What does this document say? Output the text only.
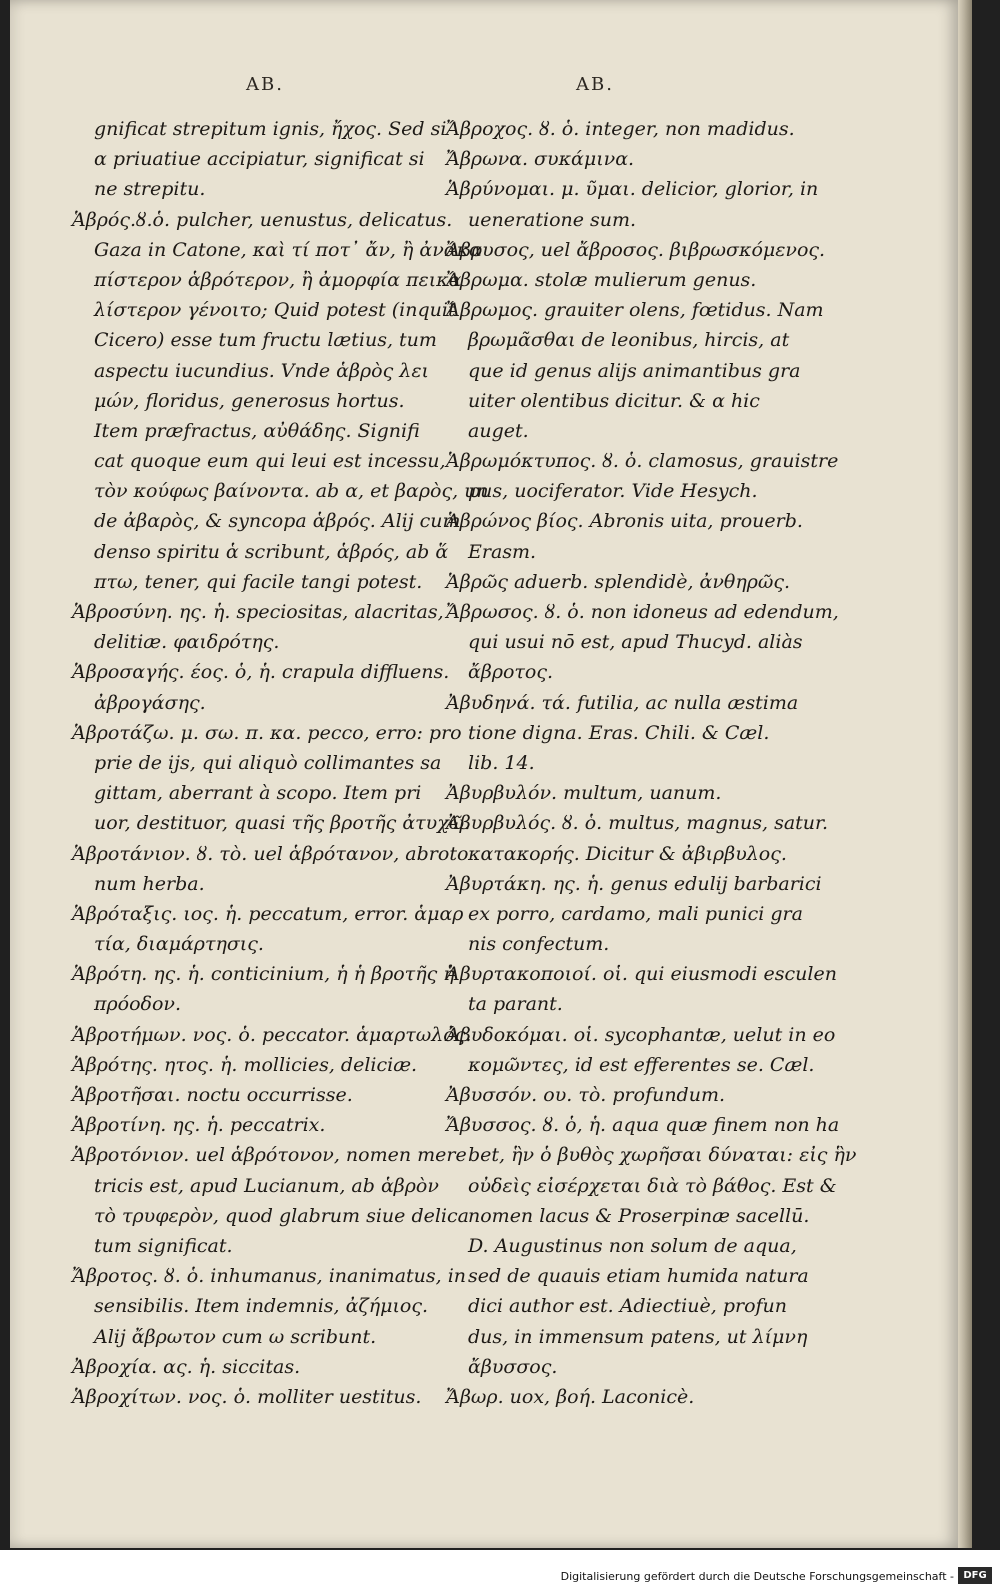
AB.	AB.
gnificat strepitum ignis, ἤχος. Sed si
α priuatiue accipiatur, significat si
ne strepitu.
Ἁβρός.ȣ.ὁ. pulcher, uenustus, delicatus.
Gaza in Catone, καὶ τί ποτ᾽ ἄν, ἢ ἀνακα
πίστερον ἁβρότερον, ἢ ἀμορφία πεικα
λίστερον γένοιτο; Quid potest (inquit
Cicero) esse tum fructu lætius, tum
aspectu iucundius. Vnde ἁβρὸς λει
μών, floridus, generosus hortus.
Item præfractus, αὐθάδης. Signifi
cat quoque eum qui leui est incessu,
τὸν κούφως βαίνοντα. ab α, et βαρὸς, un
de ἀβαρὸς, & syncopa ἁβρός. Alij cum
denso spiritu ἁ scribunt, ἁβρός, ab ἅ
πτω, tener, qui facile tangi potest.
Ἁβροσύνη. ης. ἡ. speciositas, alacritas,
delitiæ. φαιδρότης.
Ἁβροσαγής. έος. ὁ, ἡ. crapula diffluens.
ἀβρογάσης.
Ἁβροτάζω. μ. σω. π. κα. pecco, erro: pro
prie de ijs, qui aliquò collimantes sa
gittam, aberrant à scopo. Item pri
uor, destituor, quasi τῆς βροτῆς ἀτυχῶ.
Ἁβροτάνιον. ȣ. τὸ. uel ἁβρότανον, abroto
num herba.
Ἁβρόταξις. ιος. ἡ. peccatum, error. ἁμαρ
τία, διαμάρτησις.
Ἁβρότη. ης. ἡ. conticinium, ἡ ἡ βροτῆς ἡ
πρόοδον.
Ἁβροτήμων. νος. ὁ. peccator. ἁμαρτωλός.
Ἁβρότης. ητος. ἡ. mollicies, deliciæ.
Ἁβροτῆσαι. noctu occurrisse.
Ἁβροτίνη. ης. ἡ. peccatrix.
Ἁβροτόνιον. uel ἁβρότονον, nomen mere
tricis est, apud Lucianum, ab ἁβρὸν
τὸ τρυφερὸν, quod glabrum siue delica
tum significat.
Ἄβροτος. ȣ. ὁ. inhumanus, inanimatus, in
sensibilis. Item indemnis, ἀζήμιος.
Alij ἄβρωτον cum ω scribunt.
Ἀβροχία. ας. ἡ. siccitas.
Ἁβροχίτων. νος. ὁ. molliter uestitus.
Ἄβροχος. ȣ. ὁ. integer, non madidus.
Ἄβρωνα. συκάμινα.
Ἁβρύνομαι. μ. ῦμαι. delicior, glorior, in
ueneratione sum.
Ἄβρυσος, uel ἄβροσος. βιβρωσκόμενος.
Ἄβρωμα. stolæ mulierum genus.
Ἄβρωμος. grauiter olens, fœtidus. Nam
βρωμᾶσθαι de leonibus, hircis, at
que id genus alijs animantibus gra
uiter olentibus dicitur. & α hic
auget.
Ἁβρωμόκτυπος. ȣ. ὁ. clamosus, grauistre
pus, uociferator. Vide Hesych.
Ἁβρώνος βίος. Abronis uita, prouerb.
Erasm.
Ἁβρῶς aduerb. splendidè, ἀνθηρῶς.
Ἄβρωσος. ȣ. ὁ. non idoneus ad edendum,
qui usui nō est, apud Thucyd. aliàs
ἄβροτος.
Ἀβυδηνά. τά. futilia, ac nulla æstima
tione digna. Eras. Chili. & Cæl.
lib. 14.
Ἀβυρβυλόν. multum, uanum.
Ἀβυρβυλός. ȣ. ὁ. multus, magnus, satur.
κατακορής. Dicitur & ἀβιρβυλος.
Ἀβυρτάκη. ης. ἡ. genus edulij barbarici
ex porro, cardamo, mali punici gra
nis confectum.
Ἀβυρτακοποιοί. οἱ. qui eiusmodi esculen
ta parant.
Ἀβυδοκόμαι. οἱ. sycophantæ, uelut in eo
κομῶντες, id est efferentes se. Cæl.
Ἀβυσσόν. ου. τὸ. profundum.
Ἄβυσσος. ȣ. ὁ, ἡ. aqua quæ finem non ha
bet, ἣν ὁ βυθὸς χωρῆσαι δύναται: εἰς ἣν
οὐδεὶς εἰσέρχεται διὰ τὸ βάθος. Est &
nomen lacus & Proserpinæ sacellū.
D. Augustinus non solum de aqua,
sed de quauis etiam humida natura
dici author est. Adiectiuè, profun
dus, in immensum patens, ut λίμνη
ἄβυσσος.
Ἄβωρ. uox, βοή. Laconicè.
Digitalisierung gefördert durch die Deutsche Forschungsgemeinschaft - DFG
